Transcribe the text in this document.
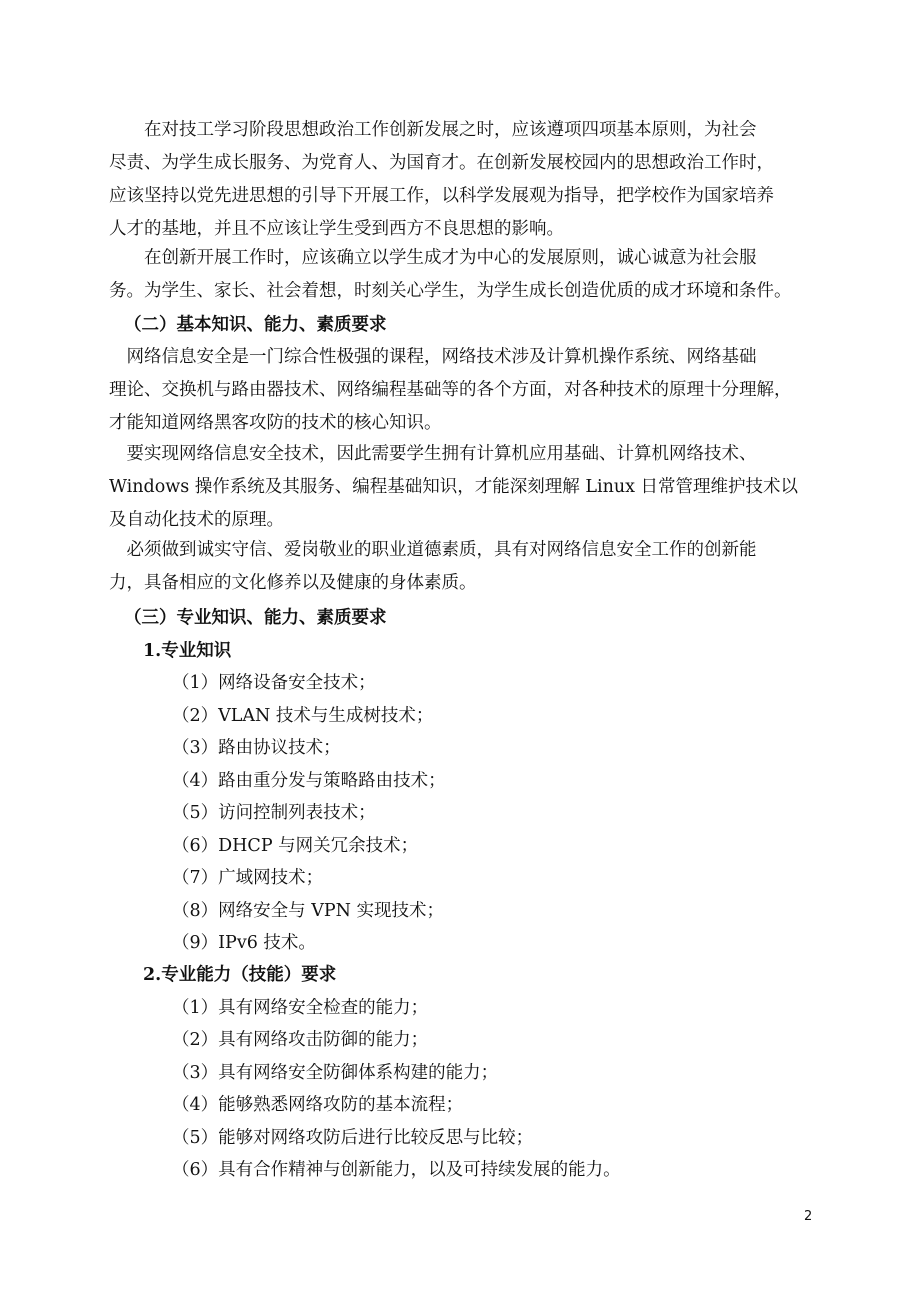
　　在对技工学习阶段思想政治工作创新发展之时，应该遵项四项基本原则，为社会
尽责、为学生成长服务、为党育人、为国育才。在创新发展校园内的思想政治工作时，
应该坚持以党先进思想的引导下开展工作，以科学发展观为指导，把学校作为国家培养
人才的基地，并且不应该让学生受到西方不良思想的影响。
　　在创新开展工作时，应该确立以学生成才为中心的发展原则，诚心诚意为社会服
务。为学生、家长、社会着想，时刻关心学生，为学生成长创造优质的成才环境和条件。
（二）基本知识、能力、素质要求
　网络信息安全是一门综合性极强的课程，网络技术涉及计算机操作系统、网络基础
理论、交换机与路由器技术、网络编程基础等的各个方面，对各种技术的原理十分理解，
才能知道网络黑客攻防的技术的核心知识。
　要实现网络信息安全技术，因此需要学生拥有计算机应用基础、计算机网络技术、
Windows 操作系统及其服务、编程基础知识，才能深刻理解 Linux 日常管理维护技术以
及自动化技术的原理。
　必须做到诚实守信、爱岗敬业的职业道德素质，具有对网络信息安全工作的创新能
力，具备相应的文化修养以及健康的身体素质。
（三）专业知识、能力、素质要求
1.专业知识
（1）网络设备安全技术；
（2）VLAN 技术与生成树技术；
（3）路由协议技术；
（4）路由重分发与策略路由技术；
（5）访问控制列表技术；
（6）DHCP 与网关冗余技术；
（7）广域网技术；
（8）网络安全与 VPN 实现技术；
（9）IPv6 技术。
2.专业能力（技能）要求
（1）具有网络安全检查的能力；
（2）具有网络攻击防御的能力；
（3）具有网络安全防御体系构建的能力；
（4）能够熟悉网络攻防的基本流程；
（5）能够对网络攻防后进行比较反思与比较；
（6）具有合作精神与创新能力，以及可持续发展的能力。
2
